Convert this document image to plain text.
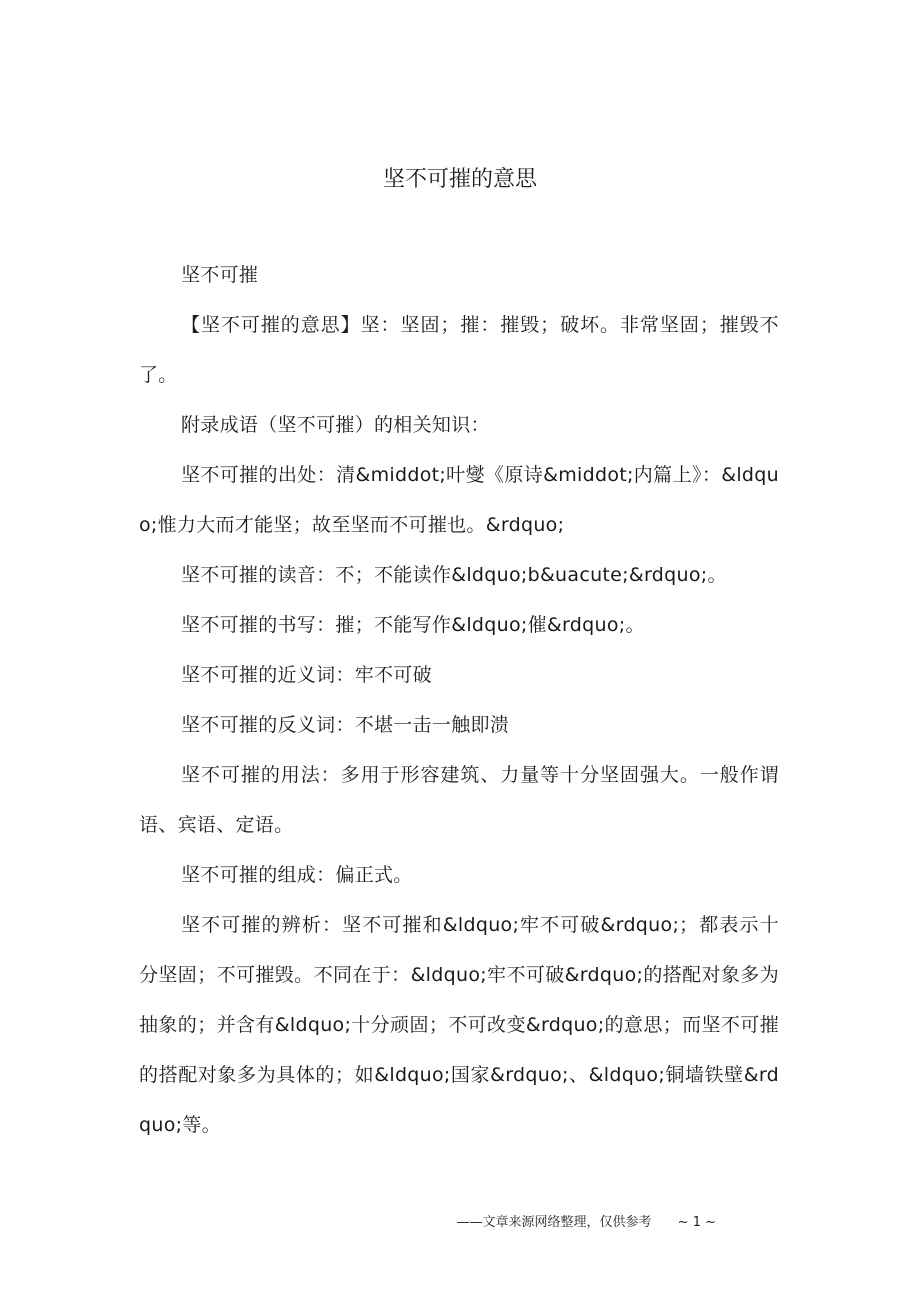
坚不可摧的意思

坚不可摧

【坚不可摧的意思】坚：坚固；摧：摧毁；破坏。非常坚固；摧毁不了。

附录成语（坚不可摧）的相关知识：

坚不可摧的出处：清&middot;叶燮《原诗&middot;内篇上》：&ldquo;惟力大而才能坚；故至坚而不可摧也。&rdquo;

坚不可摧的读音：不；不能读作&ldquo;b&uacute;&rdquo;。

坚不可摧的书写：摧；不能写作&ldquo;催&rdquo;。

坚不可摧的近义词：牢不可破

坚不可摧的反义词：不堪一击一触即溃

坚不可摧的用法：多用于形容建筑、力量等十分坚固强大。一般作谓语、宾语、定语。

坚不可摧的组成：偏正式。

坚不可摧的辨析：坚不可摧和&ldquo;牢不可破&rdquo;；都表示十分坚固；不可摧毁。不同在于：&ldquo;牢不可破&rdquo;的搭配对象多为抽象的；并含有&ldquo;十分顽固；不可改变&rdquo;的意思；而坚不可摧的搭配对象多为具体的；如&ldquo;国家&rdquo;、&ldquo;铜墙铁壁&rdquo;等。

——文章来源网络整理，仅供参考 ~ 1 ~
